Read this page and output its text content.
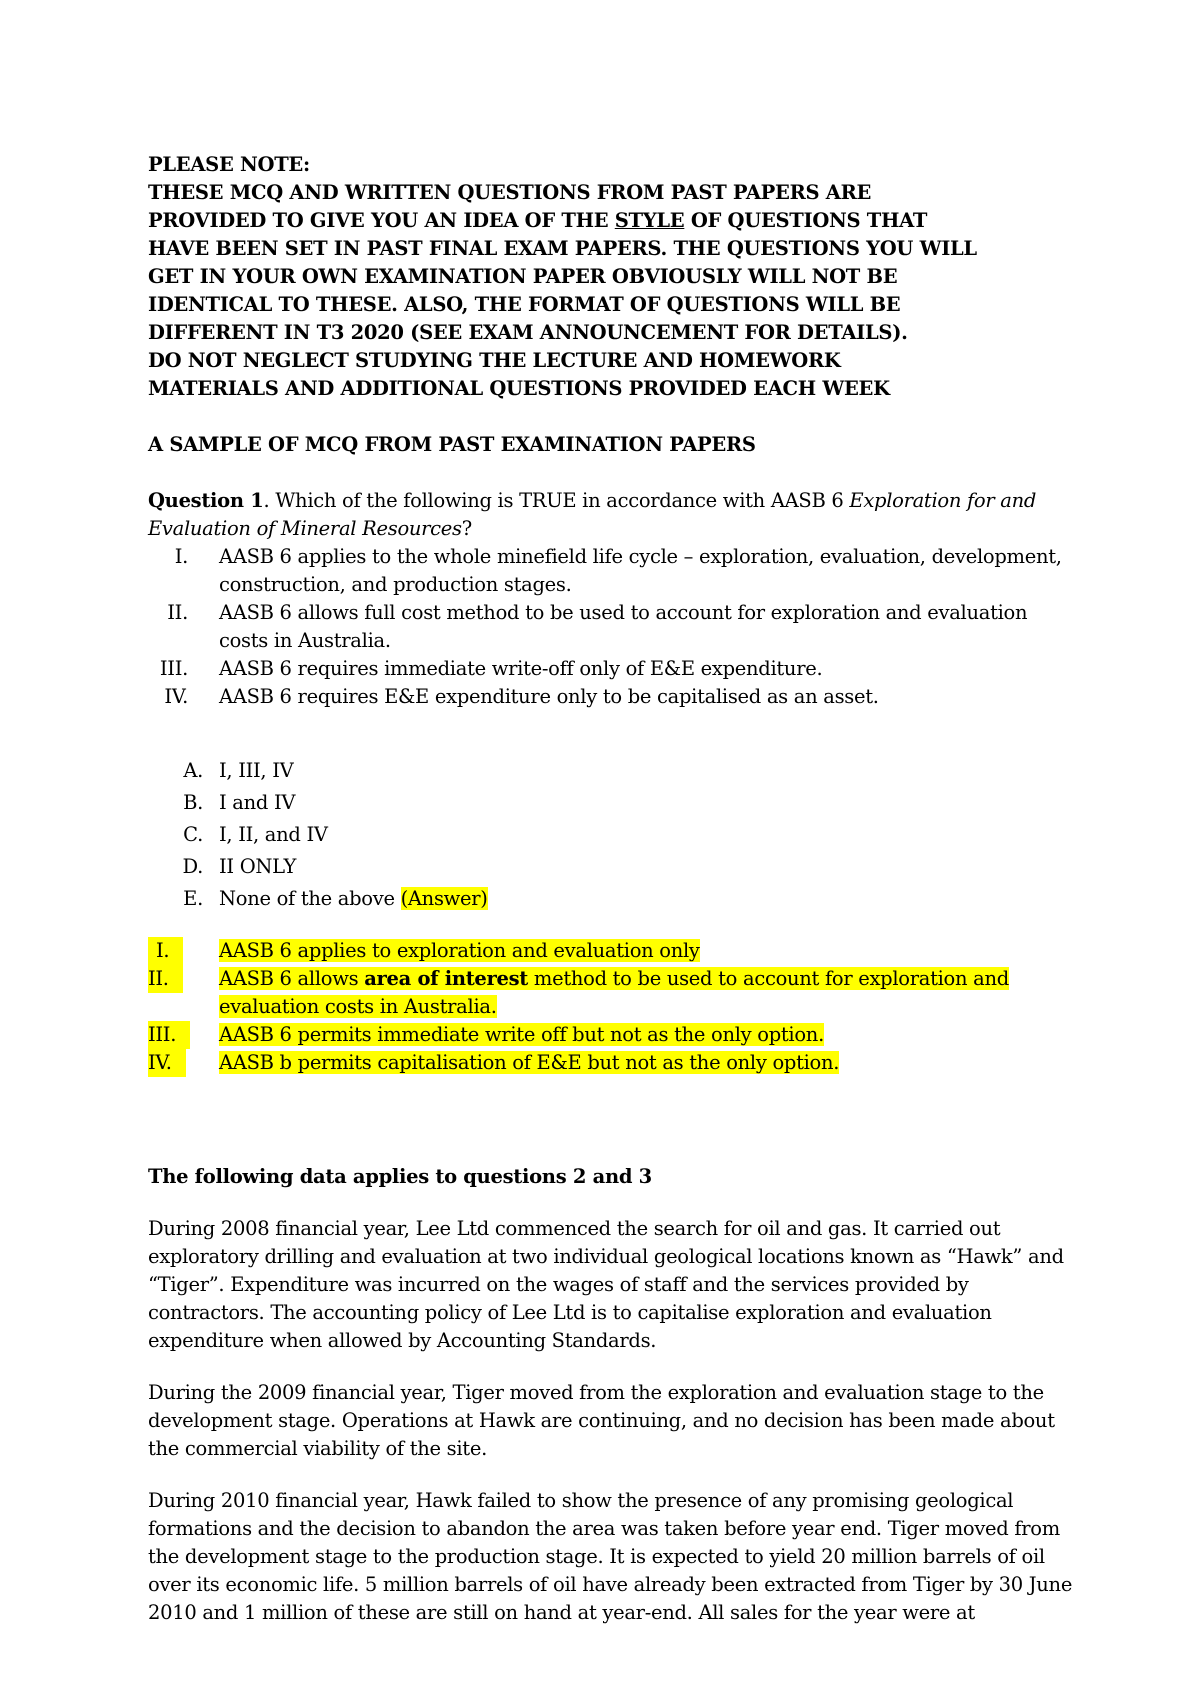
PLEASE NOTE:

THESE MCQ AND WRITTEN QUESTIONS FROM PAST PAPERS ARE

PROVIDED TO GIVE YOU AN IDEA OF THE STYLE OF QUESTIONS THAT

HAVE BEEN SET IN PAST FINAL EXAM PAPERS. THE QUESTIONS YOU WILL

GET IN YOUR OWN EXAMINATION PAPER OBVIOUSLY WILL NOT BE

IDENTICAL TO THESE. ALSO, THE FORMAT OF QUESTIONS WILL BE

DIFFERENT IN T3 2020 (SEE EXAM ANNOUNCEMENT FOR DETAILS).

DO NOT NEGLECT STUDYING THE LECTURE AND HOMEWORK

MATERIALS AND ADDITIONAL QUESTIONS PROVIDED EACH WEEK

A SAMPLE OF MCQ FROM PAST EXAMINATION PAPERS

Question 1. Which of the following is TRUE in accordance with AASB 6 Exploration for and Evaluation of Mineral Resources?

I. AASB 6 applies to the whole minefield life cycle – exploration, evaluation, development, construction, and production stages.
II. AASB 6 allows full cost method to be used to account for exploration and evaluation costs in Australia.
III. AASB 6 requires immediate write-off only of E&E expenditure.
IV. AASB 6 requires E&E expenditure only to be capitalised as an asset.
A. I, III, IV
B. I and IV
C. I, II, and IV
D. II ONLY
E. None of the above (Answer)
I.	AASB 6 applies to exploration and evaluation only
II.	AASB 6 allows area of interest method to be used to account for exploration and evaluation costs in Australia.
III.	AASB 6 permits immediate write off but not as the only option.
IV.	AASB b permits capitalisation of E&E but not as the only option.

The following data applies to questions 2 and 3

During 2008 financial year, Lee Ltd commenced the search for oil and gas. It carried out exploratory drilling and evaluation at two individual geological locations known as “Hawk” and “Tiger”. Expenditure was incurred on the wages of staff and the services provided by contractors. The accounting policy of Lee Ltd is to capitalise exploration and evaluation expenditure when allowed by Accounting Standards.

During the 2009 financial year, Tiger moved from the exploration and evaluation stage to the development stage. Operations at Hawk are continuing, and no decision has been made about the commercial viability of the site.

During 2010 financial year, Hawk failed to show the presence of any promising geological formations and the decision to abandon the area was taken before year end. Tiger moved from the development stage to the production stage. It is expected to yield 20 million barrels of oil over its economic life. 5 million barrels of oil have already been extracted from Tiger by 30 June 2010 and 1 million of these are still on hand at year-end. All sales for the year were at
